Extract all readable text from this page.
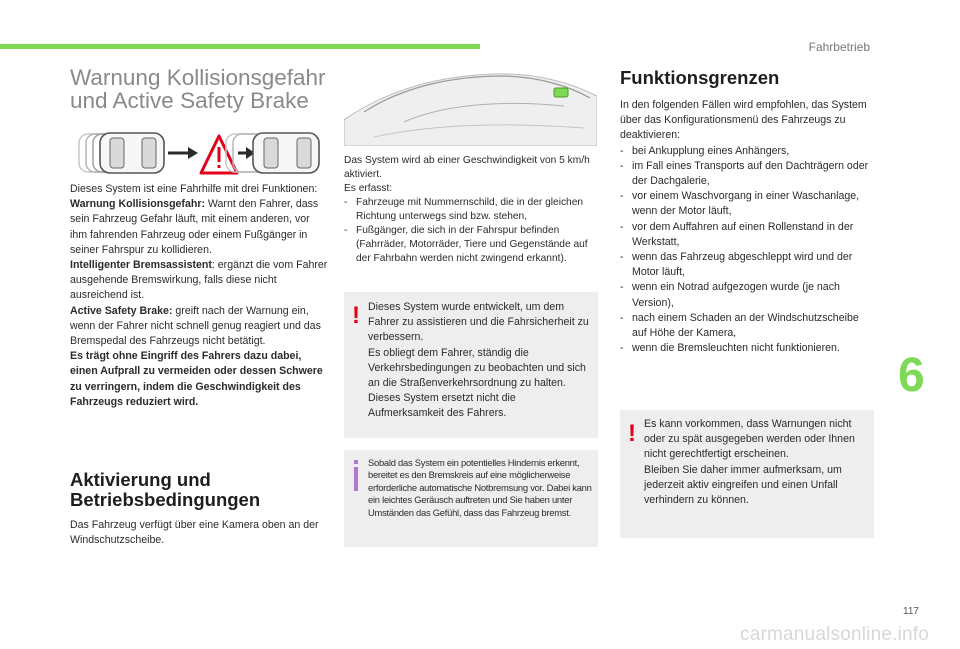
Fahrbetrieb
Warnung Kollisionsgefahr
und Active Safety Brake

Dieses System ist eine Fahrhilfe mit drei Funktionen:

Warnung Kollisionsgefahr: Warnt den Fahrer, dass sein Fahrzeug Gefahr läuft, mit einem anderen, vor ihm fahrenden Fahrzeug oder einem Fußgänger in seiner Fahrspur zu kollidieren.

Intelligenter Bremsassistent: ergänzt die vom Fahrer ausgehende Bremswirkung, falls diese nicht ausreichend ist.

Active Safety Brake: greift nach der Warnung ein, wenn der Fahrer nicht schnell genug reagiert und das Bremspedal des Fahrzeugs nicht betätigt.

Es trägt ohne Eingriff des Fahrers dazu dabei, einen Aufprall zu vermeiden oder dessen Schwere zu verringern, indem die Geschwindigkeit des Fahrzeugs reduziert wird.

Aktivierung und
Betriebsbedingungen
Das Fahrzeug verfügt über eine Kamera oben an der Windschutzscheibe.

Das System wird ab einer Geschwindigkeit von 5 km/h aktiviert.

Es erfasst:

- Fahrzeuge mit Nummernschild, die in der gleichen Richtung unterwegs sind bzw. stehen,
- Fußgänger, die sich in der Fahrspur befinden (Fahrräder, Motorräder, Tiere und Gegenstände auf der Fahrbahn werden nicht zwingend erkannt).
! Dieses System wurde entwickelt, um dem Fahrer zu assistieren und die Fahrsicherheit zu verbessern.

Es obliegt dem Fahrer, ständig die Verkehrsbedingungen zu beobachten und sich an die Straßenverkehrsordnung zu halten.

Dieses System ersetzt nicht die Aufmerksamkeit des Fahrers.

Sobald das System ein potentielles Hindernis erkennt, bereitet es den Bremskreis auf eine möglicherweise erforderliche automatische Notbremsung vor. Dabei kann ein leichtes Geräusch auftreten und Sie haben unter Umständen das Gefühl, dass das Fahrzeug bremst.
Funktionsgrenzen

In den folgenden Fällen wird empfohlen, das System über das Konfigurationsmenü des Fahrzeugs zu deaktivieren:

- bei Ankupplung eines Anhängers,
- im Fall eines Transports auf den Dachträgern oder der Dachgalerie,
- vor einem Waschvorgang in einer Waschanlage, wenn der Motor läuft,
- vor dem Auffahren auf einen Rollenstand in der Werkstatt,
- wenn das Fahrzeug abgeschleppt wird und der Motor läuft,
- wenn ein Notrad aufgezogen wurde (je nach Version),
- nach einem Schaden an der Windschutzscheibe auf Höhe der Kamera,
- wenn die Bremsleuchten nicht funktionieren.
! Es kann vorkommen, dass Warnungen nicht oder zu spät ausgegeben werden oder Ihnen nicht gerechtfertigt erscheinen.

Bleiben Sie daher immer aufmerksam, um jederzeit aktiv eingreifen und einen Unfall verhindern zu können.

6
117
carmanualsonline.info
